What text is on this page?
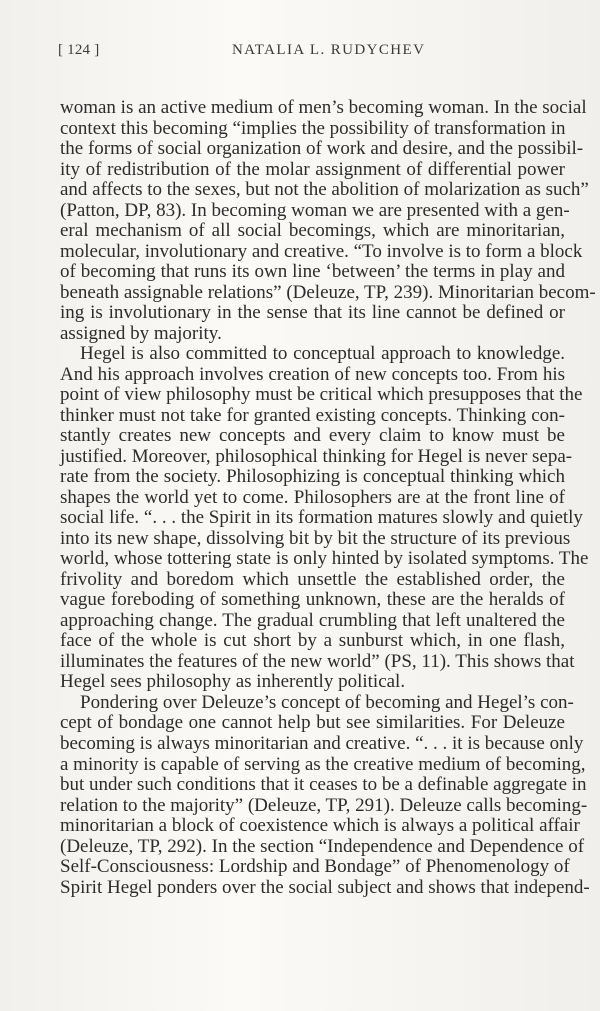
[ 124 ]	NATALIA L. RUDYCHEV
woman is an active medium of men’s becoming woman. In the social
context this becoming “implies the possibility of transformation in
the forms of social organization of work and desire, and the possibil-
ity of redistribution of the molar assignment of differential power
and affects to the sexes, but not the abolition of molarization as such”
(Patton, DP, 83). In becoming woman we are presented with a gen-
eral mechanism of all social becomings, which are minoritarian,
molecular, involutionary and creative. “To involve is to form a block
of becoming that runs its own line ‘between’ the terms in play and
beneath assignable relations” (Deleuze, TP, 239). Minoritarian becom-
ing is involutionary in the sense that its line cannot be defined or
assigned by majority.
Hegel is also committed to conceptual approach to knowledge.
And his approach involves creation of new concepts too. From his
point of view philosophy must be critical which presupposes that the
thinker must not take for granted existing concepts. Thinking con-
stantly creates new concepts and every claim to know must be
justified. Moreover, philosophical thinking for Hegel is never sepa-
rate from the society. Philosophizing is conceptual thinking which
shapes the world yet to come. Philosophers are at the front line of
social life. “. . . the Spirit in its formation matures slowly and quietly
into its new shape, dissolving bit by bit the structure of its previous
world, whose tottering state is only hinted by isolated symptoms. The
frivolity and boredom which unsettle the established order, the
vague foreboding of something unknown, these are the heralds of
approaching change. The gradual crumbling that left unaltered the
face of the whole is cut short by a sunburst which, in one flash,
illuminates the features of the new world” (PS, 11). This shows that
Hegel sees philosophy as inherently political.
Pondering over Deleuze’s concept of becoming and Hegel’s con-
cept of bondage one cannot help but see similarities. For Deleuze
becoming is always minoritarian and creative. “. . . it is because only
a minority is capable of serving as the creative medium of becoming,
but under such conditions that it ceases to be a definable aggregate in
relation to the majority” (Deleuze, TP, 291). Deleuze calls becoming-
minoritarian a block of coexistence which is always a political affair
(Deleuze, TP, 292). In the section “Independence and Dependence of
Self-Consciousness: Lordship and Bondage” of Phenomenology of
Spirit Hegel ponders over the social subject and shows that independ-
